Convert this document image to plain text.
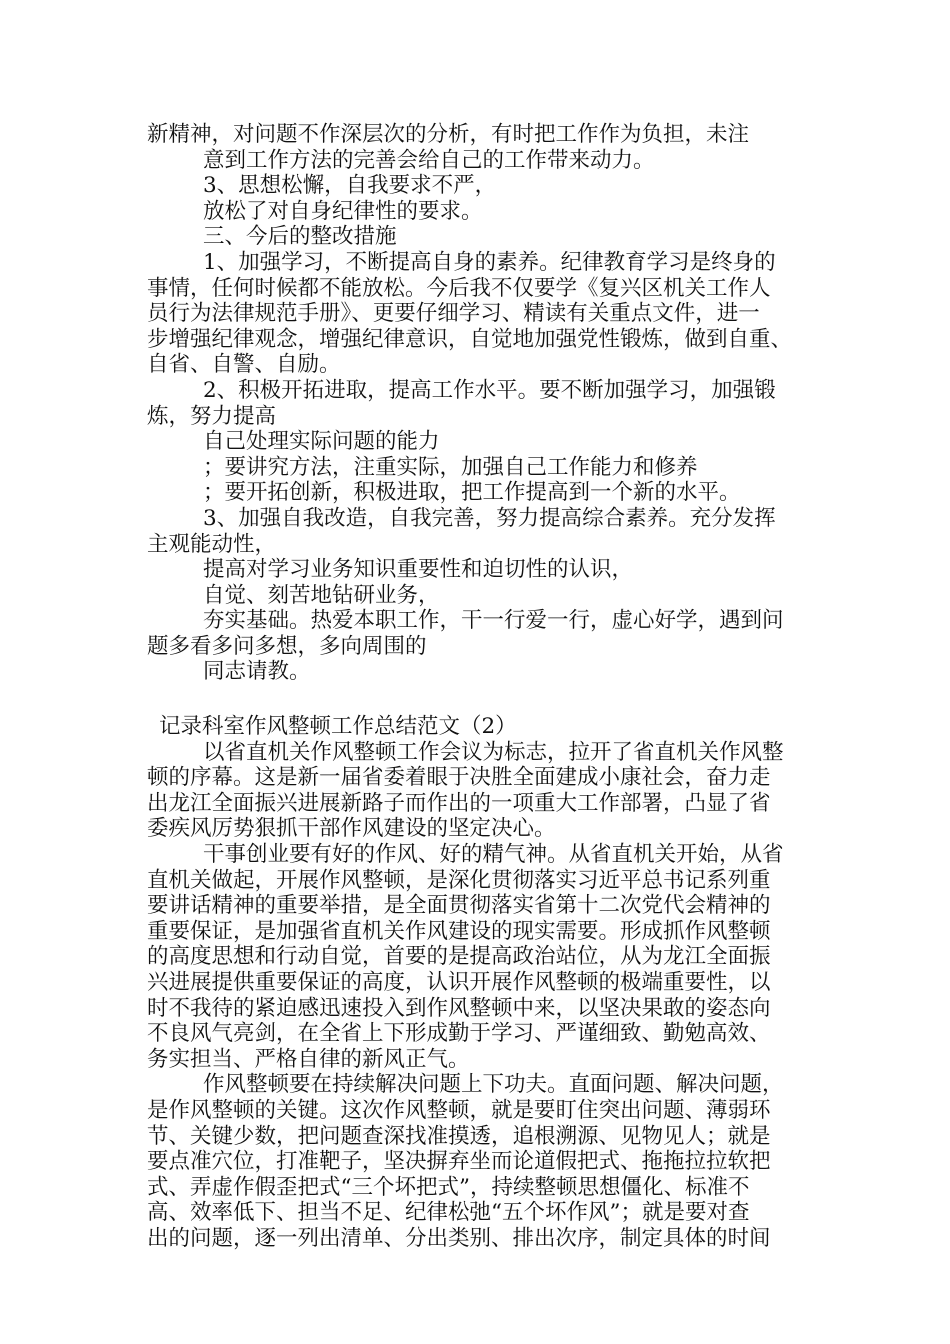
新精神，对问题不作深层次的分析，有时把工作作为负担，未注
意到工作方法的完善会给自己的工作带来动力。
3、思想松懈，自我要求不严，
放松了对自身纪律性的要求。
三、今后的整改措施
1、加强学习，不断提高自身的素养。纪律教育学习是终身的
事情，任何时候都不能放松。今后我不仅要学《复兴区机关工作人
员行为法律规范手册》、更要仔细学习、精读有关重点文件，进一
步增强纪律观念，增强纪律意识，自觉地加强党性锻炼，做到自重、
自省、自警、自励。
2、积极开拓进取，提高工作水平。要不断加强学习，加强锻
炼，努力提高
自己处理实际问题的能力
；要讲究方法，注重实际，加强自己工作能力和修养
；要开拓创新，积极进取，把工作提高到一个新的水平。
3、加强自我改造，自我完善，努力提高综合素养。充分发挥
主观能动性，
提高对学习业务知识重要性和迫切性的认识，
自觉、刻苦地钻研业务，
夯实基础。热爱本职工作，干一行爱一行，虚心好学，遇到问
题多看多问多想，多向周围的
同志请教。
记录科室作风整顿工作总结范文（2）
以省直机关作风整顿工作会议为标志，拉开了省直机关作风整
顿的序幕。这是新一届省委着眼于决胜全面建成小康社会，奋力走
出龙江全面振兴进展新路子而作出的一项重大工作部署，凸显了省
委疾风厉势狠抓干部作风建设的坚定决心。
干事创业要有好的作风、好的精气神。从省直机关开始，从省
直机关做起，开展作风整顿，是深化贯彻落实习近平总书记系列重
要讲话精神的重要举措，是全面贯彻落实省第十二次党代会精神的
重要保证，是加强省直机关作风建设的现实需要。形成抓作风整顿
的高度思想和行动自觉，首要的是提高政治站位，从为龙江全面振
兴进展提供重要保证的高度，认识开展作风整顿的极端重要性，以
时不我待的紧迫感迅速投入到作风整顿中来，以坚决果敢的姿态向
不良风气亮剑，在全省上下形成勤于学习、严谨细致、勤勉高效、
务实担当、严格自律的新风正气。
作风整顿要在持续解决问题上下功夫。直面问题、解决问题，
是作风整顿的关键。这次作风整顿，就是要盯住突出问题、薄弱环
节、关键少数，把问题查深找准摸透，追根溯源、见物见人；就是
要点准穴位，打准靶子，坚决摒弃坐而论道假把式、拖拖拉拉软把
式、弄虚作假歪把式“三个坏把式”，持续整顿思想僵化、标准不
高、效率低下、担当不足、纪律松弛“五个坏作风”；就是要对查
出的问题，逐一列出清单、分出类别、排出次序，制定具体的时间
